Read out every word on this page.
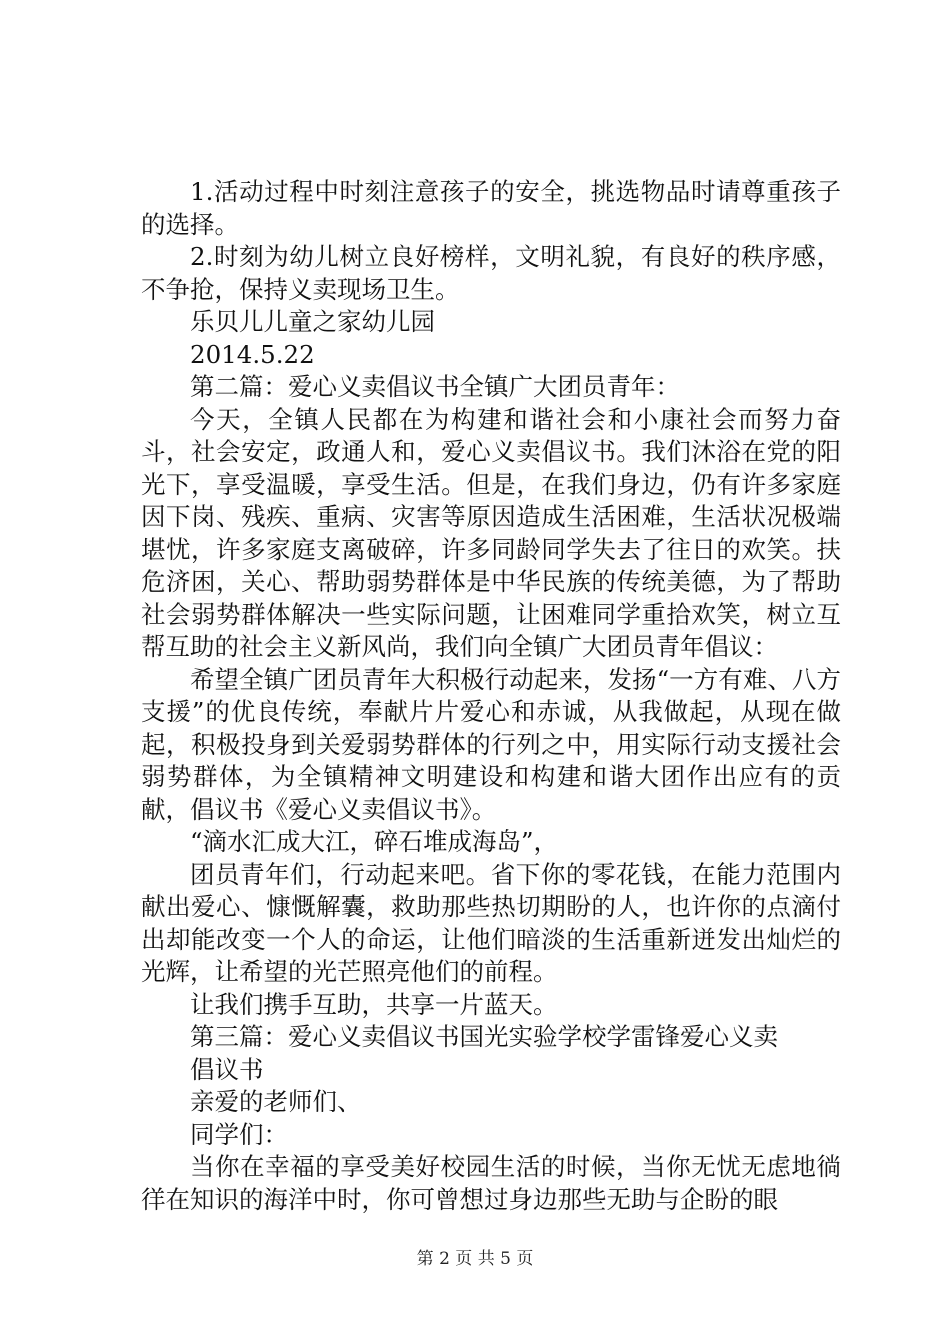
1.活动过程中时刻注意孩子的安全，挑选物品时请尊重孩子的选择。

2.时刻为幼儿树立良好榜样，文明礼貌，有良好的秩序感，不争抢，保持义卖现场卫生。

乐贝儿儿童之家幼儿园

2014.5.22

第二篇：爱心义卖倡议书全镇广大团员青年：

今天，全镇人民都在为构建和谐社会和小康社会而努力奋斗，社会安定，政通人和，爱心义卖倡议书。我们沐浴在党的阳光下，享受温暖，享受生活。但是，在我们身边，仍有许多家庭因下岗、残疾、重病、灾害等原因造成生活困难，生活状况极端堪忧，许多家庭支离破碎，许多同龄同学失去了往日的欢笑。扶危济困，关心、帮助弱势群体是中华民族的传统美德，为了帮助社会弱势群体解决一些实际问题，让困难同学重拾欢笑，树立互帮互助的社会主义新风尚，我们向全镇广大团员青年倡议：

希望全镇广团员青年大积极行动起来，发扬“一方有难、八方支援”的优良传统，奉献片片爱心和赤诚，从我做起，从现在做起，积极投身到关爱弱势群体的行列之中，用实际行动支援社会弱势群体，为全镇精神文明建设和构建和谐大团作出应有的贡献，倡议书《爱心义卖倡议书》。

“滴水汇成大江，碎石堆成海岛”，

团员青年们，行动起来吧。省下你的零花钱，在能力范围内献出爱心、慷慨解囊，救助那些热切期盼的人，也许你的点滴付出却能改变一个人的命运，让他们暗淡的生活重新迸发出灿烂的光辉，让希望的光芒照亮他们的前程。

让我们携手互助，共享一片蓝天。

第三篇：爱心义卖倡议书国光实验学校学雷锋爱心义卖

倡议书

亲爱的老师们、

同学们：

当你在幸福的享受美好校园生活的时候，当你无忧无虑地徜徉在知识的海洋中时，你可曾想过身边那些无助与企盼的眼

第 2 页 共 5 页
